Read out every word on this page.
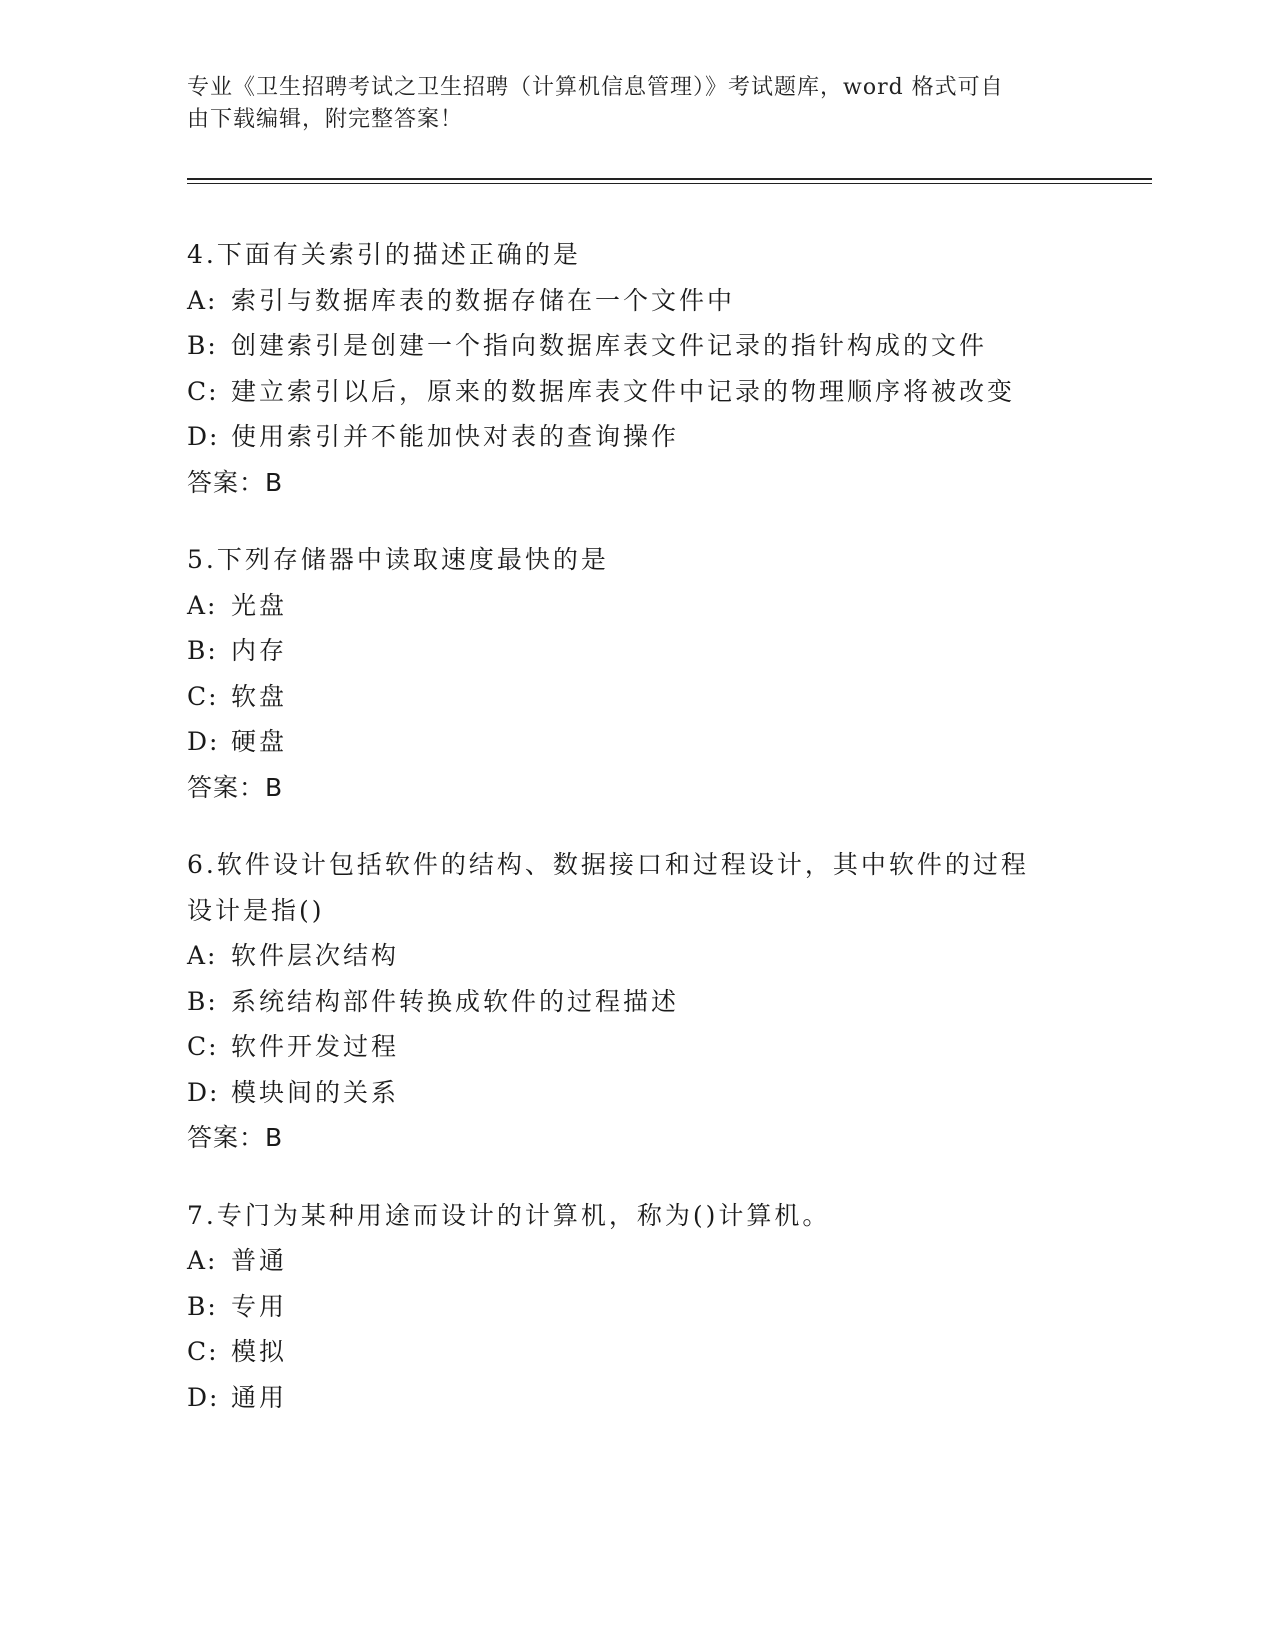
专业《卫生招聘考试之卫生招聘（计算机信息管理）》考试题库，word 格式可自
由下载编辑，附完整答案！
4.下面有关索引的描述正确的是
A: 索引与数据库表的数据存储在一个文件中
B: 创建索引是创建一个指向数据库表文件记录的指针构成的文件
C: 建立索引以后，原来的数据库表文件中记录的物理顺序将被改变
D: 使用索引并不能加快对表的查询操作
答案：B
5.下列存储器中读取速度最快的是
A: 光盘
B: 内存
C: 软盘
D: 硬盘
答案：B
6.软件设计包括软件的结构、数据接口和过程设计，其中软件的过程
设计是指()
A: 软件层次结构
B: 系统结构部件转换成软件的过程描述
C: 软件开发过程
D: 模块间的关系
答案：B
7.专门为某种用途而设计的计算机，称为()计算机。
A: 普通
B: 专用
C: 模拟
D: 通用
